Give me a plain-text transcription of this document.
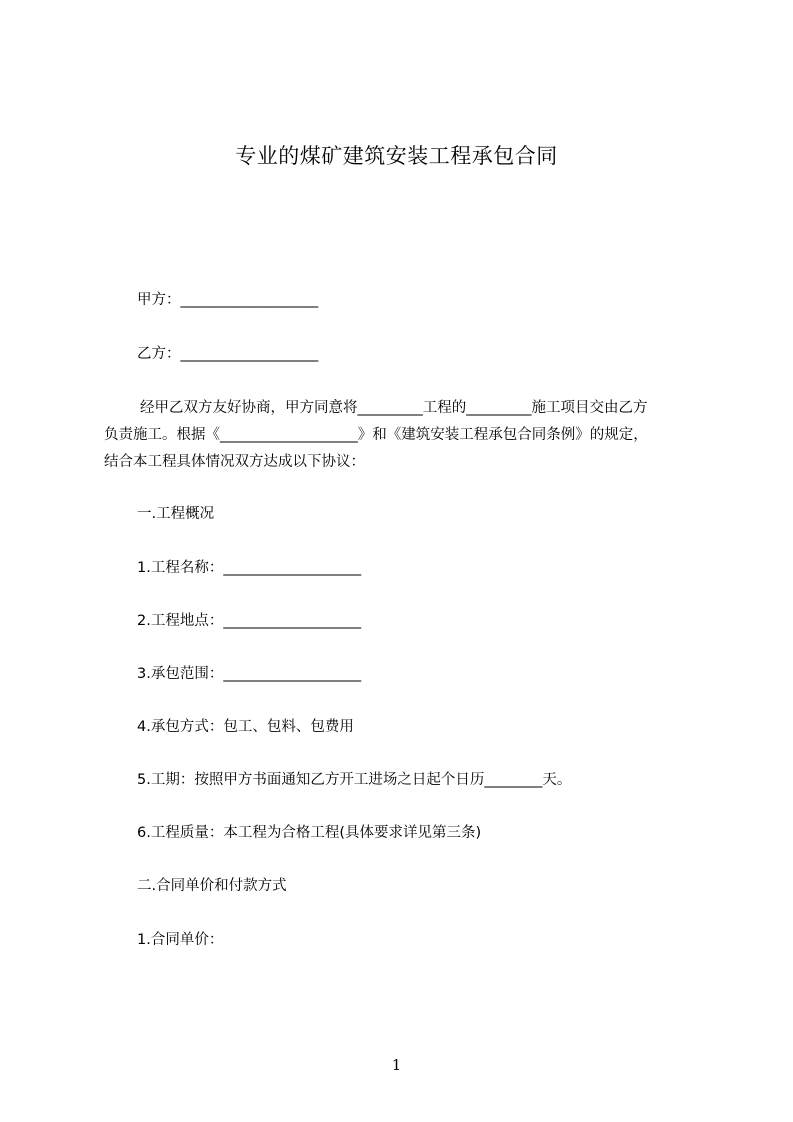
专业的煤矿建筑安装工程承包合同
甲方：___________________
乙方：___________________
经甲乙双方友好协商，甲方同意将_________工程的_________施工项目交由乙方
负责施工。根据《___________________》和《建筑安装工程承包合同条例》的规定，
结合本工程具体情况双方达成以下协议：
一.工程概况
1.工程名称：___________________
2.工程地点：___________________
3.承包范围：___________________
4.承包方式：包工、包料、包费用
5.工期：按照甲方书面通知乙方开工进场之日起个日历________天。
6.工程质量：本工程为合格工程(具体要求详见第三条)
二.合同单价和付款方式
1.合同单价：
1
